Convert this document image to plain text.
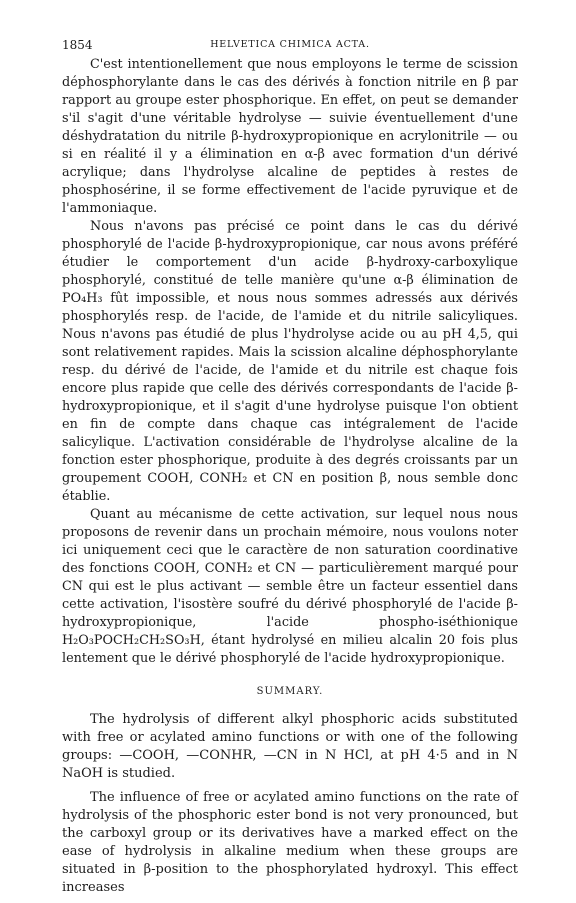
1854	HELVETICA CHIMICA ACTA.

C'est intentionellement que nous employons le terme de scission déphosphorylante dans le cas des dérivés à fonction nitrile en β par rapport au groupe ester phosphorique. En effet, on peut se demander s'il s'agit d'une véritable hydrolyse — suivie éventuellement d'une déshydratation du nitrile β-hydroxypropionique en acrylonitrile — ou si en réalité il y a élimination en α-β avec formation d'un dérivé acrylique; dans l'hydrolyse alcaline de peptides à restes de phosphosérine, il se forme effectivement de l'acide pyruvique et de l'ammoniaque.

Nous n'avons pas précisé ce point dans le cas du dérivé phosphorylé de l'acide β-hydroxypropionique, car nous avons préféré étudier le comportement d'un acide β-hydroxy-carboxylique phosphorylé, constitué de telle manière qu'une α-β élimination de PO₄H₃ fût impossible, et nous nous sommes adressés aux dérivés phosphorylés resp. de l'acide, de l'amide et du nitrile salicyliques. Nous n'avons pas étudié de plus l'hydrolyse acide ou au pH 4,5, qui sont relativement rapides. Mais la scission alcaline déphosphorylante resp. du dérivé de l'acide, de l'amide et du nitrile est chaque fois encore plus rapide que celle des dérivés correspondants de l'acide β-hydroxypropionique, et il s'agit d'une hydrolyse puisque l'on obtient en fin de compte dans chaque cas intégralement de l'acide salicylique. L'activation considérable de l'hydrolyse alcaline de la fonction ester phosphorique, produite à des degrés croissants par un groupement COOH, CONH₂ et CN en position β, nous semble donc établie.

Quant au mécanisme de cette activation, sur lequel nous nous proposons de revenir dans un prochain mémoire, nous voulons noter ici uniquement ceci que le caractère de non saturation coordinative des fonctions COOH, CONH₂ et CN — particulièrement marqué pour CN qui est le plus activant — semble être un facteur essentiel dans cette activation, l'isostère soufré du dérivé phosphorylé de l'acide β-hydroxypropionique, l'acide phospho-iséthionique H₂O₃POCH₂CH₂SO₃H, étant hydrolysé en milieu alcalin 20 fois plus lentement que le dérivé phosphorylé de l'acide hydroxypropionique.

SUMMARY.

The hydrolysis of different alkyl phosphoric acids substituted with free or acylated amino functions or with one of the following groups: —COOH, —CONHR, —CN in N HCl, at pH 4·5 and in N NaOH is studied.

The influence of free or acylated amino functions on the rate of hydrolysis of the phosphoric ester bond is not very pronounced, but the carboxyl group or its derivatives have a marked effect on the ease of hydrolysis in alkaline medium when these groups are situated in β-position to the phosphorylated hydroxyl. This effect increases
